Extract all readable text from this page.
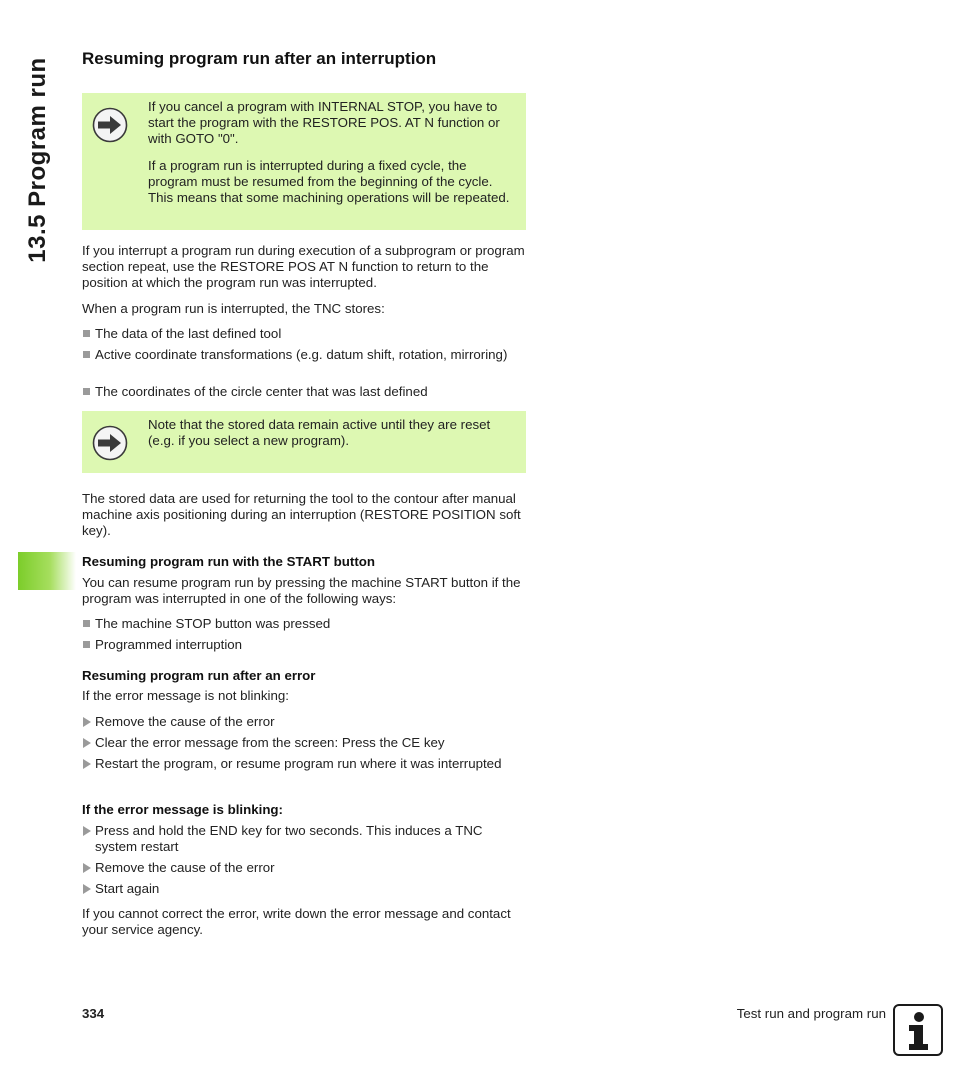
13.5 Program run Resuming program run after an interruption

If you cancel a program with INTERNAL STOP, you have to start the program with the RESTORE POS. AT N function or with GOTO "0".

If a program run is interrupted during a fixed cycle, the program must be resumed from the beginning of the cycle. This means that some machining operations will be repeated.

If you interrupt a program run during execution of a subprogram or program section repeat, use the RESTORE POS AT N function to return to the position at which the program run was interrupted.

When a program run is interrupted, the TNC stores:

The data of the last defined tool
Active coordinate transformations (e.g. datum shift, rotation, mirroring)
The coordinates of the circle center that was last defined

Note that the stored data remain active until they are reset (e.g. if you select a new program).

The stored data are used for returning the tool to the contour after manual machine axis positioning during an interruption (RESTORE POSITION soft key).

Resuming program run with the START button

You can resume program run by pressing the machine START button if the program was interrupted in one of the following ways:

The machine STOP button was pressed
Programmed interruption

Resuming program run after an error

If the error message is not blinking:

Remove the cause of the error
Clear the error message from the screen: Press the CE key
Restart the program, or resume program run where it was interrupted

If the error message is blinking:

Press and hold the END key for two seconds. This induces a TNC system restart
Remove the cause of the error
Start again

If you cannot correct the error, write down the error message and contact your service agency.

334	Test run and program run
